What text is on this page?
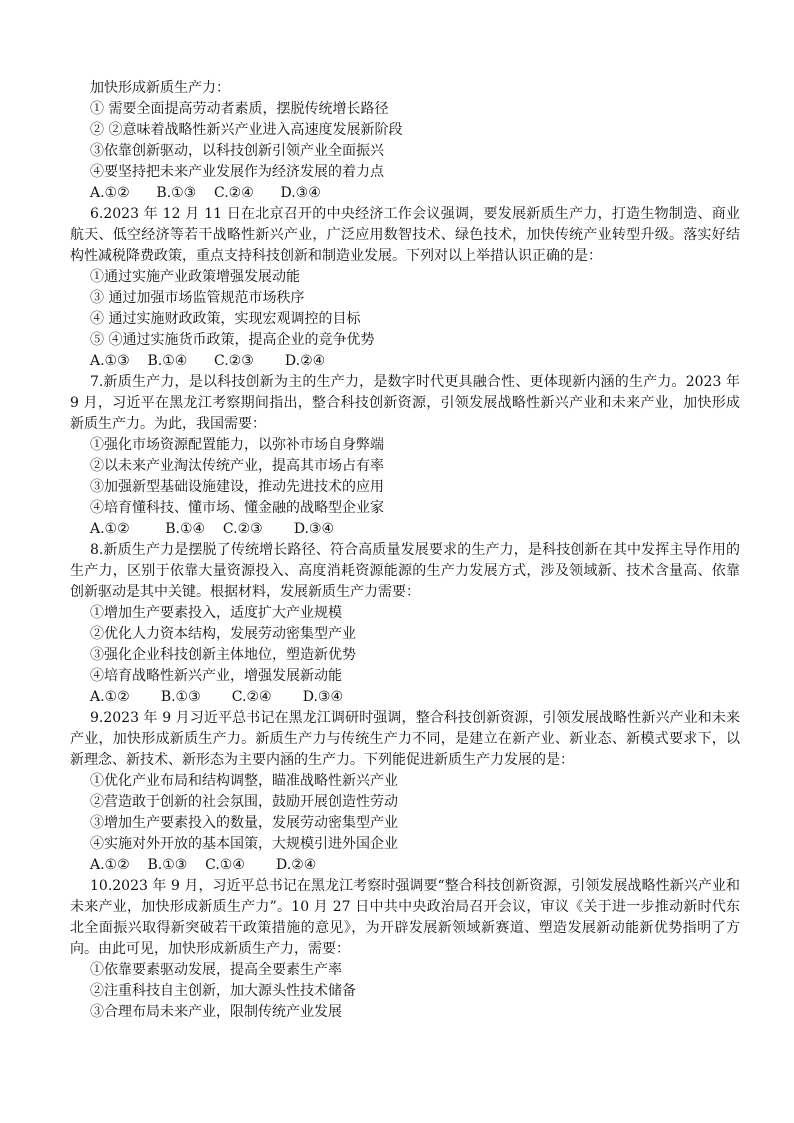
加快形成新质生产力：
① 需要全面提高劳动者素质，摆脱传统增长路径
② ②意味着战略性新兴产业进入高速度发展新阶段
③依靠创新驱动，以科技创新引领产业全面振兴
④要坚持把未来产业发展作为经济发展的着力点
A.①②      B.①③    C.②④      D.③④
6.2023 年 12 月 11 日在北京召开的中央经济工作会议强调，要发展新质生产力，打造生物制造、商业航天、低空经济等若干战略性新兴产业，广泛应用数智技术、绿色技术，加快传统产业转型升级。落实好结构性减税降费政策，重点支持科技创新和制造业发展。下列对以上举措认识正确的是：
①通过实施产业政策增强发展动能
③ 通过加强市场监管规范市场秩序
④ 通过实施财政政策，实现宏观调控的目标
⑤ ④通过实施货币政策，提高企业的竞争优势
A.①③    B.①④      C.②③       D.②④
7.新质生产力，是以科技创新为主的生产力，是数字时代更具融合性、更体现新内涵的生产力。2023 年 9 月，习近平在黑龙江考察期间指出，整合科技创新资源，引领发展战略性新兴产业和未来产业，加快形成新质生产力。为此，我国需要：
①强化市场资源配置能力，以弥补市场自身弊端
②以未来产业淘汰传统产业，提高其市场占有率
③加强新型基础设施建设，推动先进技术的应用
④培育懂科技、懂市场、懂金融的战略型企业家
A.①②        B.①④    C.②③       D.③④
8.新质生产力是摆脱了传统增长路径、符合高质量发展要求的生产力，是科技创新在其中发挥主导作用的生产力，区别于依靠大量资源投入、高度消耗资源能源的生产力发展方式，涉及领域新、技术含量高、依靠创新驱动是其中关键。根据材料，发展新质生产力需要：
①增加生产要素投入，适度扩大产业规模
②优化人力资本结构，发展劳动密集型产业
③强化企业科技创新主体地位，塑造新优势
④培育战略性新兴产业，增强发展新动能
A.①②       B.①③       C.②④       D.③④
9.2023 年 9 月习近平总书记在黑龙江调研时强调，整合科技创新资源，引领发展战略性新兴产业和未来产业，加快形成新质生产力。新质生产力与传统生产力不同，是建立在新产业、新业态、新模式要求下，以新理念、新技术、新形态为主要内涵的生产力。下列能促进新质生产力发展的是：
①优化产业布局和结构调整，瞄准战略性新兴产业
②营造敢于创新的社会氛围，鼓励开展创造性劳动
③增加生产要素投入的数量，发展劳动密集型产业
④实施对外开放的基本国策，大规模引进外国企业
A.①②    B.①③    C.①④       D.②④
10.2023 年 9 月，习近平总书记在黑龙江考察时强调要“整合科技创新资源，引领发展战略性新兴产业和未来产业，加快形成新质生产力”。10 月 27 日中共中央政治局召开会议，审议《关于进一步推动新时代东北全面振兴取得新突破若干政策措施的意见》，为开辟发展新领域新赛道、塑造发展新动能新优势指明了方向。由此可见，加快形成新质生产力，需要：
①依靠要素驱动发展，提高全要素生产率
②注重科技自主创新，加大源头性技术储备
③合理布局未来产业，限制传统产业发展
